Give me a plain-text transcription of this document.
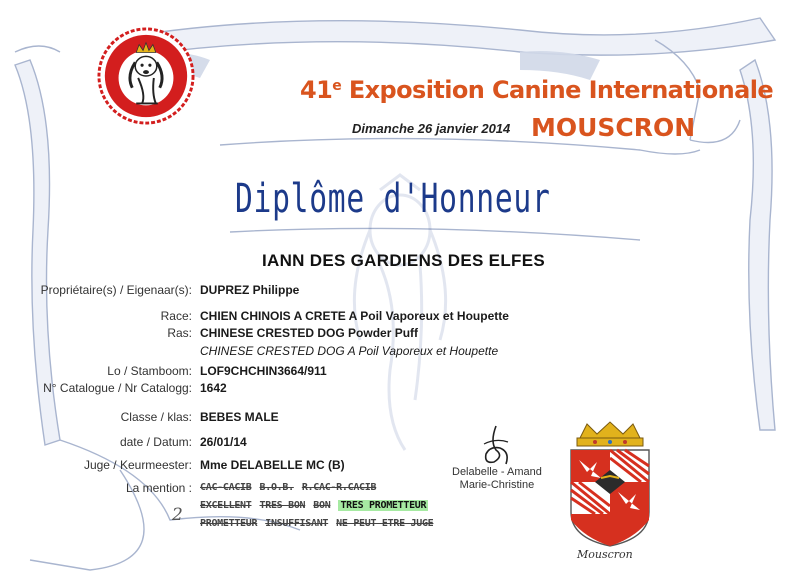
41e Exposition Canine Internationale
Dimanche 26 janvier 2014 MOUSCRON
Diplôme d'Honneur
IANN DES GARDIENS DES ELFES
Propriétaire(s) / Eigenaar(s): DUPREZ Philippe
Race: CHIEN CHINOIS A CRETE A Poil Vaporeux et Houpette
Ras: CHINESE CRESTED DOG Powder Puff
CHINESE CRESTED DOG A Poil Vaporeux et Houpette
Lo / Stamboom: LOF9CHCHIN3664/911
N° Catalogue / Nr Catalogg: 1642
Classe / klas: BEBES MALE
date / Datum: 26/01/14
Juge / Keurmeester: Mme DELABELLE MC (B)
La mention : CAC-CACIB B.O.B. R.CAC-R.CACIB
EXCELLENT TRES BON BON TRES PROMETTEUR
PROMETTEUR INSUFFISANT NE PEUT ETRE JUGE
2
Delabelle - Amand
Marie-Christine
Mouscron
